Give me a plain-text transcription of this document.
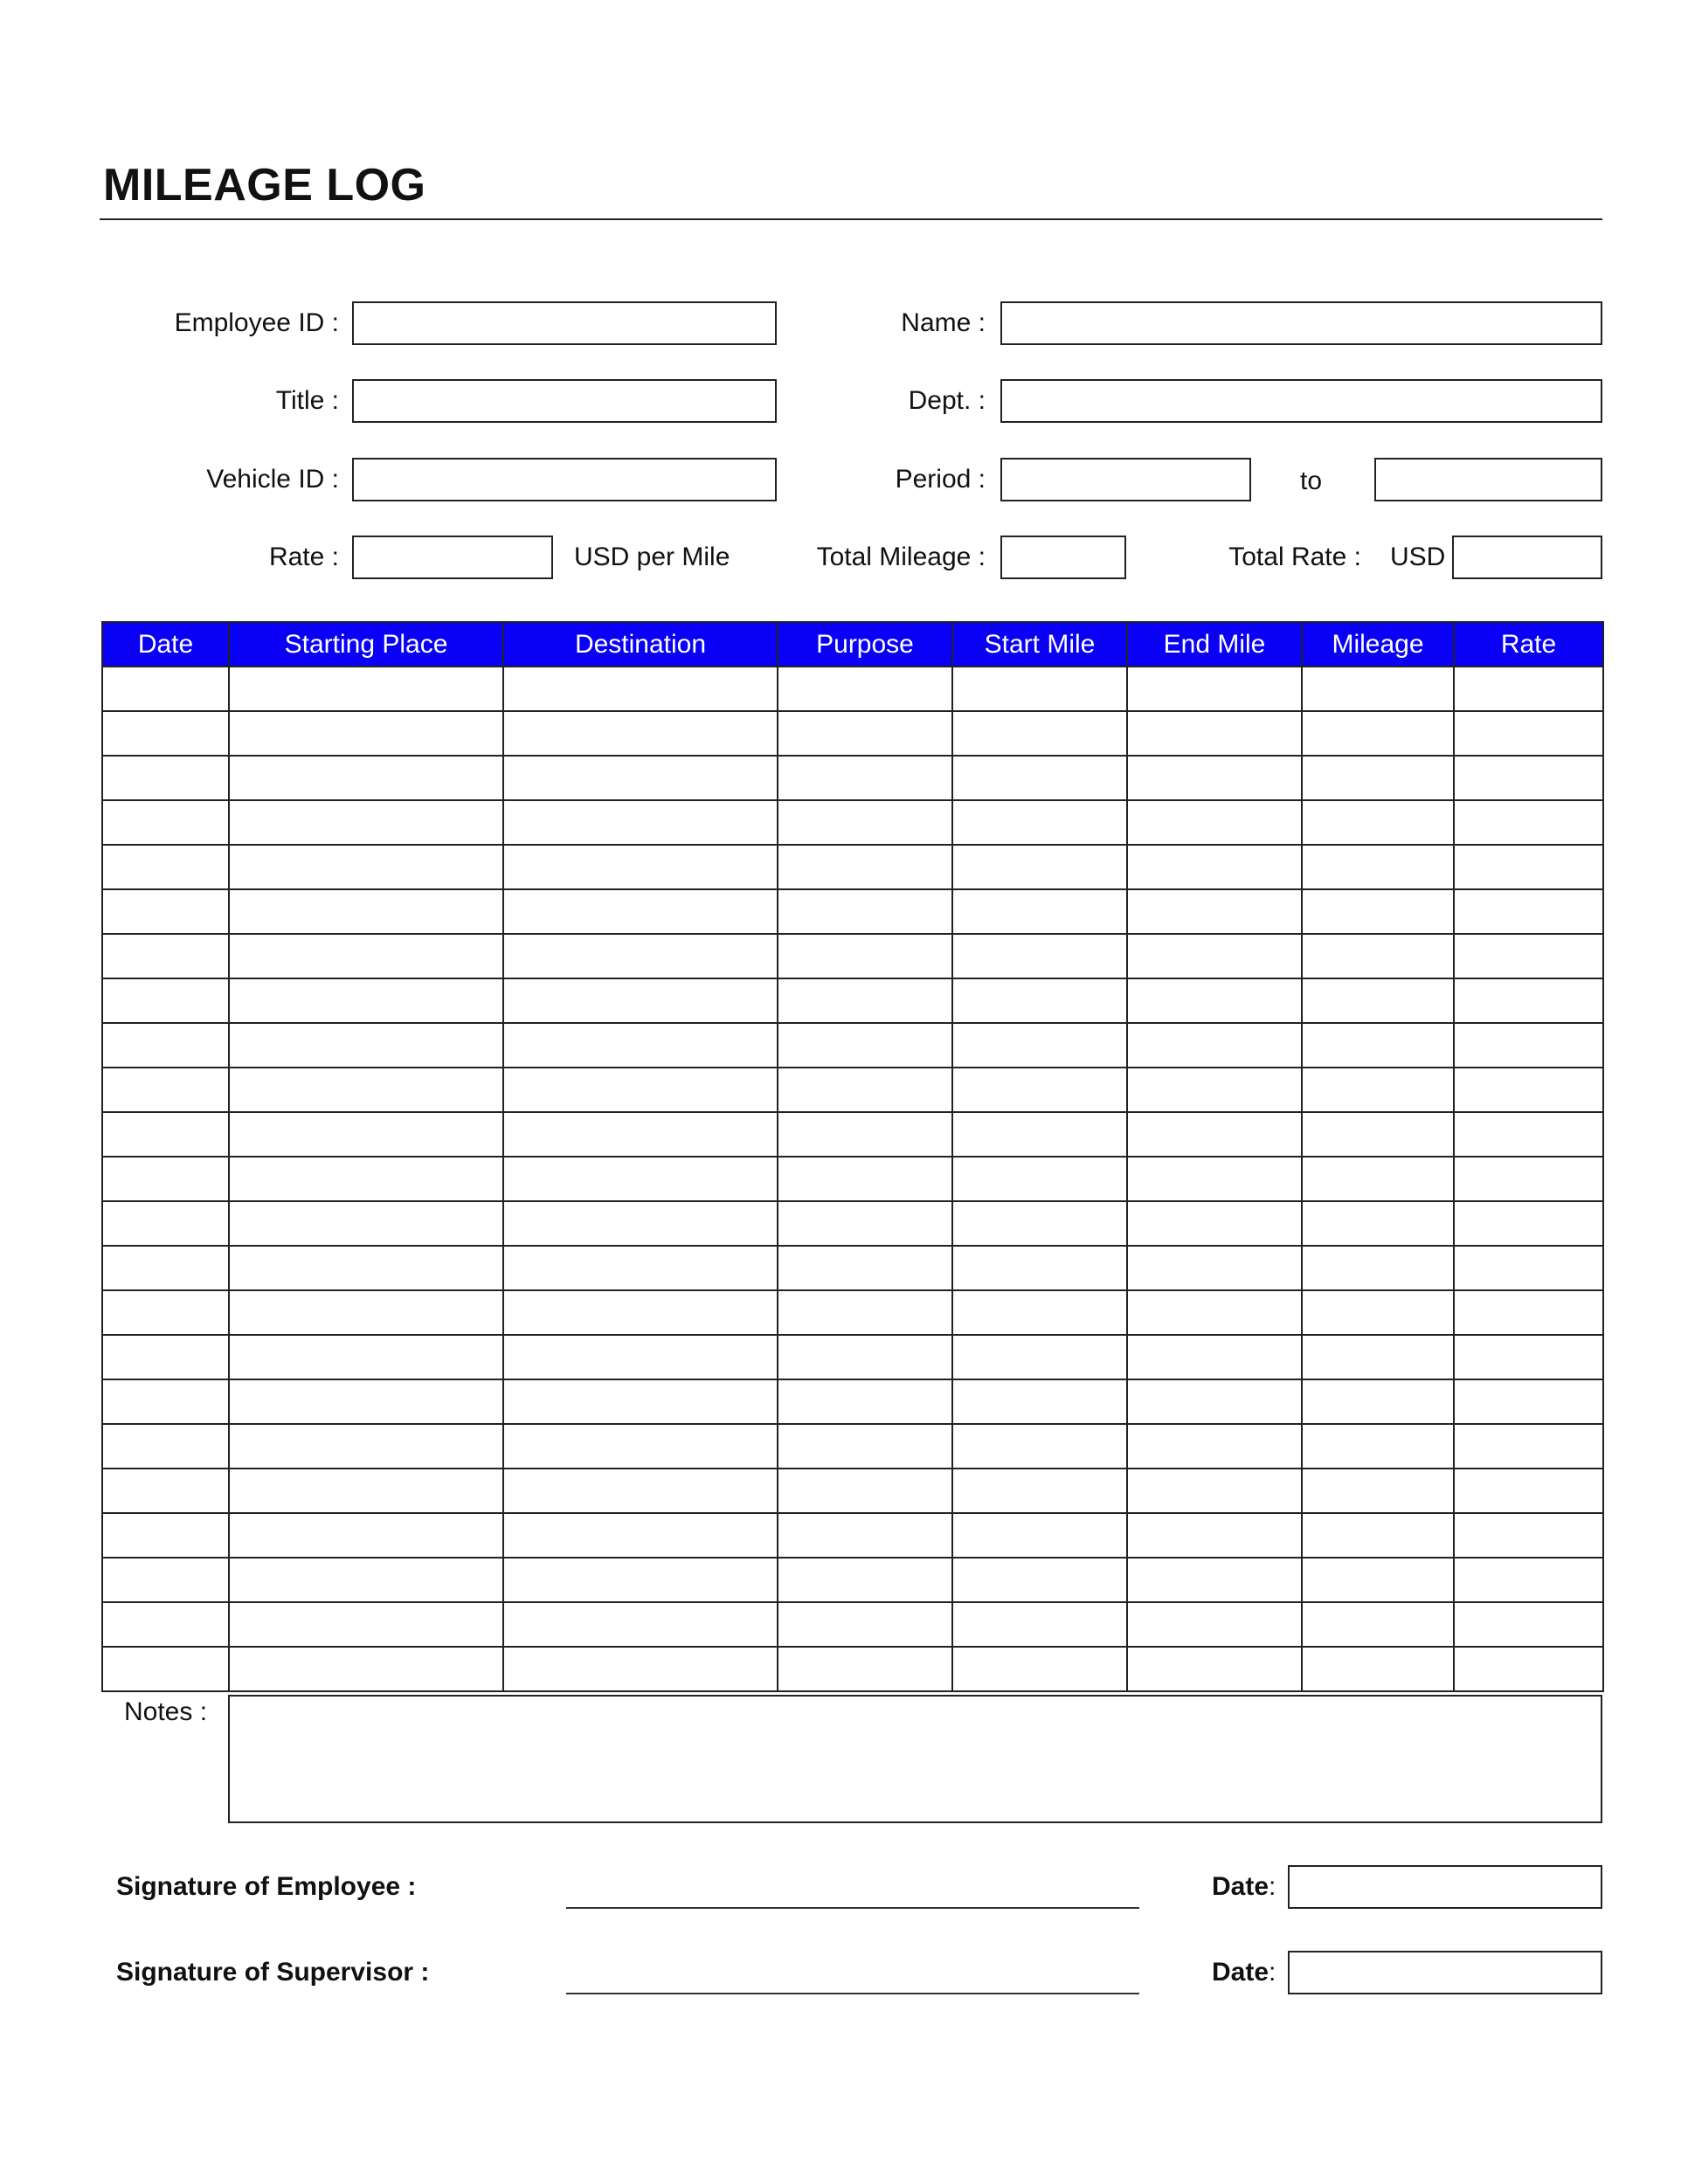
MILEAGE LOG
Employee ID :	Name :
Title :	Dept. :
Vehicle ID :	Period :	to
Rate :	USD per Mile	Total Mileage :	Total Rate : USD
Date	Starting Place	Destination	Purpose	Start Mile	End Mile	Mileage	Rate

Notes :
Signature of Employee :	Date:
Signature of Supervisor :	Date:
